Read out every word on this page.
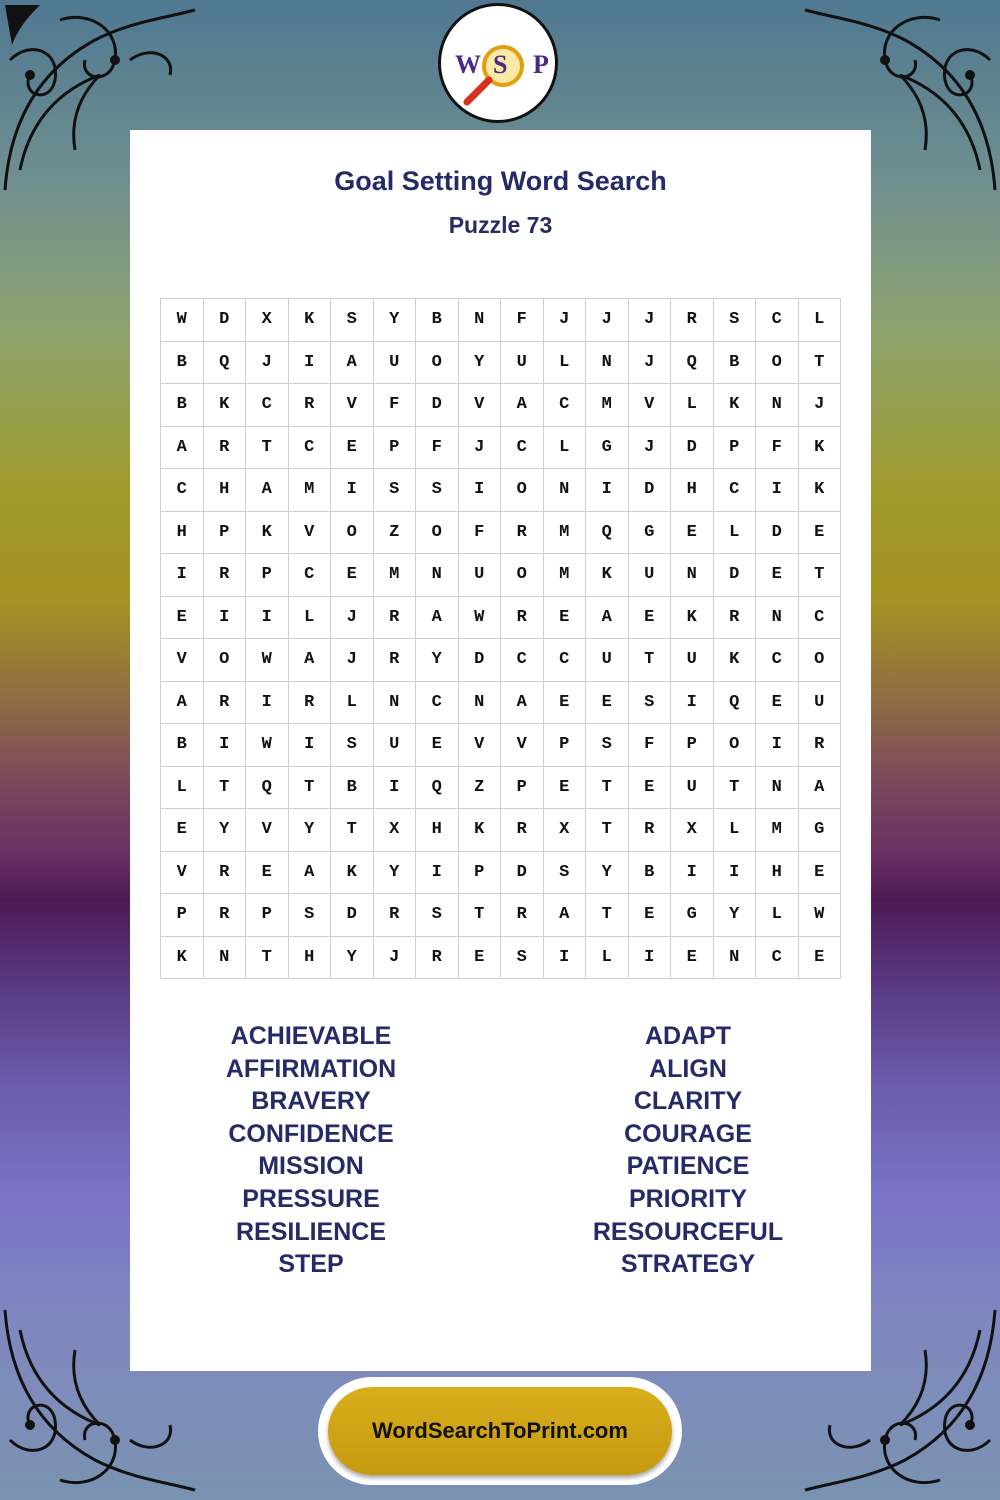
W S P
Goal Setting Word Search
Puzzle 73
W	D	X	K	S	Y	B	N	F	J	J	J	R	S	C	L
B	Q	J	I	A	U	O	Y	U	L	N	J	Q	B	O	T
B	K	C	R	V	F	D	V	A	C	M	V	L	K	N	J
A	R	T	C	E	P	F	J	C	L	G	J	D	P	F	K
C	H	A	M	I	S	S	I	O	N	I	D	H	C	I	K
H	P	K	V	O	Z	O	F	R	M	Q	G	E	L	D	E
I	R	P	C	E	M	N	U	O	M	K	U	N	D	E	T
E	I	I	L	J	R	A	W	R	E	A	E	K	R	N	C
V	O	W	A	J	R	Y	D	C	C	U	T	U	K	C	O
A	R	I	R	L	N	C	N	A	E	E	S	I	Q	E	U
B	I	W	I	S	U	E	V	V	P	S	F	P	O	I	R
L	T	Q	T	B	I	Q	Z	P	E	T	E	U	T	N	A
E	Y	V	Y	T	X	H	K	R	X	T	R	X	L	M	G
V	R	E	A	K	Y	I	P	D	S	Y	B	I	I	H	E
P	R	P	S	D	R	S	T	R	A	T	E	G	Y	L	W
K	N	T	H	Y	J	R	E	S	I	L	I	E	N	C	E
ACHIEVABLE
AFFIRMATION
BRAVERY
CONFIDENCE
MISSION
PRESSURE
RESILIENCE
STEP
ADAPT
ALIGN
CLARITY
COURAGE
PATIENCE
PRIORITY
RESOURCEFUL
STRATEGY
WordSearchToPrint.com
